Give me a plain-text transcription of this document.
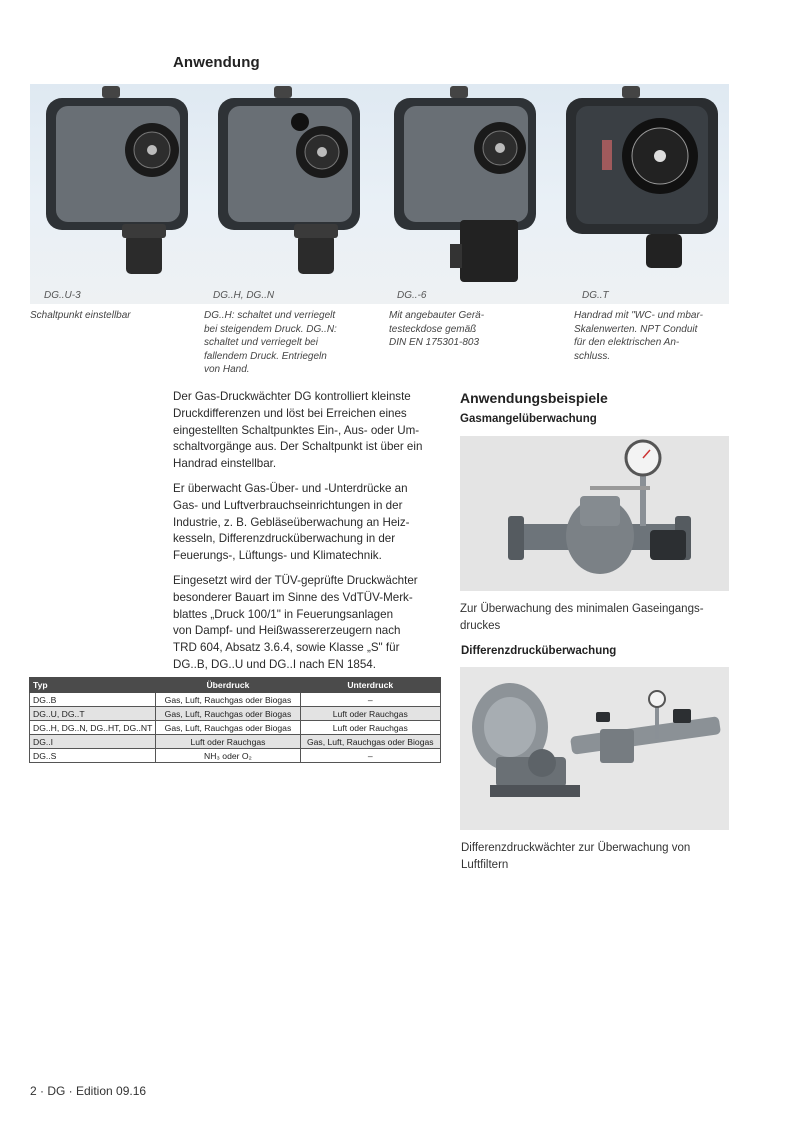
Anwendung
DG..U-3	DG..H, DG..N	DG..-6	DG..T
Schaltpunkt einstellbar	DG..H: schaltet und verriegelt
bei steigendem Druck. DG..N:
schaltet und verriegelt bei
fallendem Druck. Entriegeln
von Hand.
Mit angebauter Gerä-
testeckdose gemäß
DIN EN 175301-803
Handrad mit "WC- und mbar-
Skalenwerten. NPT Conduit
für den elektrischen An-
schluss.

Der Gas-Druckwächter DG kontrolliert kleinste
Druckdifferenzen und löst bei Erreichen eines
eingestellten Schaltpunktes Ein-, Aus- oder Um-
schaltvorgänge aus. Der Schaltpunkt ist über ein
Handrad einstellbar.

Er überwacht Gas-Über- und -Unterdrücke an
Gas- und Luftverbrauchseinrichtungen in der
Industrie, z. B. Gebläseüberwachung an Heiz-
kesseln, Differenzdrucküberwachung in der
Feuerungs-, Lüftungs- und Klimatechnik.

Eingesetzt wird der TÜV-geprüfte Druckwächter
besonderer Bauart im Sinne des VdTÜV-Merk-
blattes „Druck 100/1" in Feuerungsanlagen
von Dampf- und Heißwassererzeugern nach
TRD 604, Absatz 3.6.4, sowie Klasse „S" für
DG..B, DG..U und DG..I nach EN 1854.

Anwendungsbeispiele
Gasmangelüberwachung
Zur Überwachung des minimalen Gaseingangs-
druckes
Differenzdrucküberwachung
Differenzdruckwächter zur Überwachung von
Luftfiltern
Typ	Überdruck	Unterdruck
DG..B	Gas, Luft, Rauchgas oder Biogas	–
DG..U, DG..T	Gas, Luft, Rauchgas oder Biogas	Luft oder Rauchgas
DG..H, DG..N, DG..HT, DG..NT	Gas, Luft, Rauchgas oder Biogas	Luft oder Rauchgas
DG..I	Luft oder Rauchgas	Gas, Luft, Rauchgas oder Biogas
DG..S	NH₃ oder O₂	–
2 · DG · Edition 09.16
